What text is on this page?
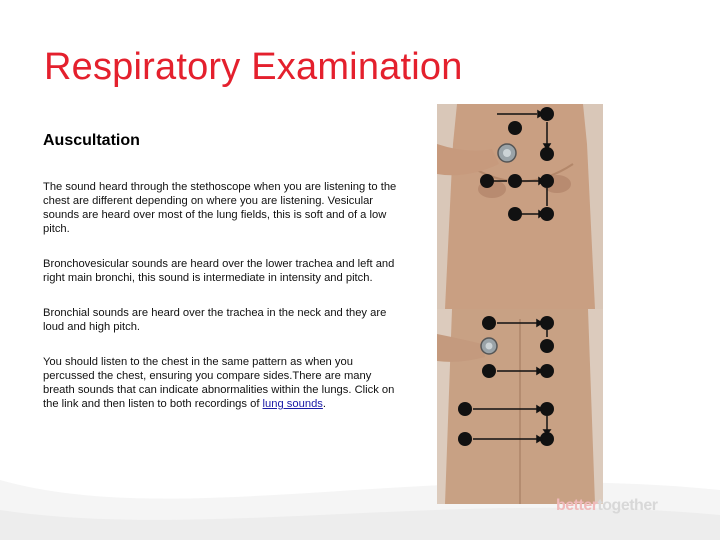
Respiratory Examination
Auscultation

The sound heard through the stethoscope when you are listening to the chest are different depending on where you are listening. Vesicular sounds are heard over most of the lung fields, this is soft and of a low pitch.

Bronchovesicular sounds are heard over the lower trachea and left and right main bronchi, this sound is intermediate in intensity and pitch.

Bronchial sounds are heard over the trachea in the neck and they are loud and high pitch.

You should listen to the chest in the same pattern as when you percussed the chest, ensuring you compare sides.There are many breath sounds that can indicate abnormalities within the lungs. Click on the link and then listen to both recordings of lung sounds.

bettertogether
